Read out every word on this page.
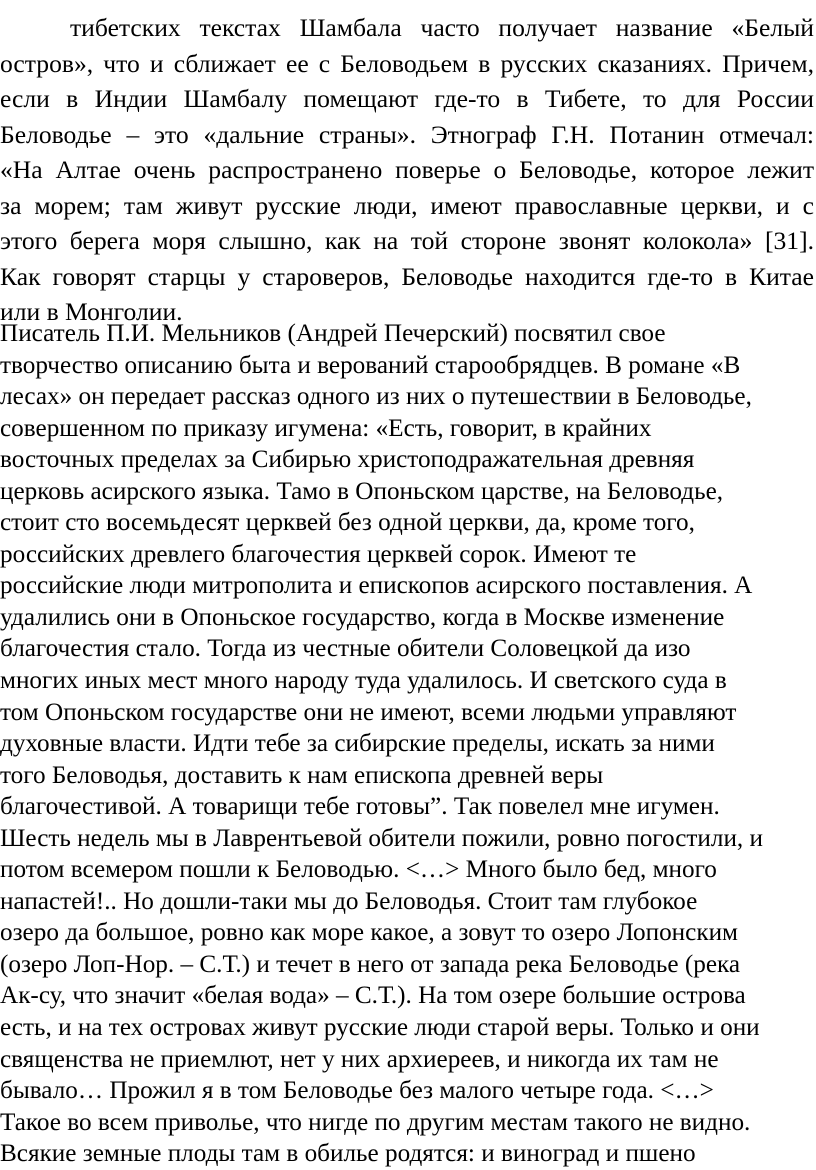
тибетских текстах Шамбала часто получает название «Белый
остров», что и сближает ее с Беловодьем в русских сказаниях. Причем,
если в Индии Шамбалу помещают где-то в Тибете, то для России
Беловодье – это «дальние страны». Этнограф Г.Н. Потанин отмечал:
«На Алтае очень распространено поверье о Беловодье, которое лежит
за морем; там живут русские люди, имеют православные церкви, и с
этого берега моря слышно, как на той стороне звонят колокола» [31].
Как говорят старцы у староверов, Беловодье находится где-то в Китае
или в Монголии.
Писатель П.И. Мельников (Андрей Печерский) посвятил свое
творчество описанию быта и верований старообрядцев. В романе «В
лесах» он передает рассказ одного из них о путешествии в Беловодье,
совершенном по приказу игумена: «Есть, говорит, в крайних
восточных пределах за Сибирью христоподражательная древняя
церковь асирского языка. Тамо в Опоньском царстве, на Беловодье,
стоит сто восемьдесят церквей без одной церкви, да, кроме того,
российских древлего благочестия церквей сорок. Имеют те
российские люди митрополита и епископов асирского поставления. А
удалились они в Опоньское государство, когда в Москве изменение
благочестия стало. Тогда из честные обители Соловецкой да изо
многих иных мест много народу туда удалилось. И светского суда в
том Опоньском государстве они не имеют, всеми людьми управляют
духовные власти. Идти тебе за сибирские пределы, искать за ними
того Беловодья, доставить к нам епископа древней веры
благочестивой. А товарищи тебе готовы”. Так повелел мне игумен.
Шесть недель мы в Лаврентьевой обители пожили, ровно погостили, и
потом всемером пошли к Беловодью. <…> Много было бед, много
напастей!.. Но дошли-таки мы до Беловодья. Стоит там глубокое
озеро да большое, ровно как море какое, а зовут то озеро Лопонским
(озеро Лоп-Нор. – С.Т.) и течет в него от запада река Беловодье (река
Ак-су, что значит «белая вода» – С.Т.). На том озере большие острова
есть, и на тех островах живут русские люди старой веры. Только и они
священства не приемлют, нет у них архиереев, и никогда их там не
бывало… Прожил я в том Беловодье без малого четыре года. <…>
Такое во всем приволье, что нигде по другим местам такого не видно.
Всякие земные плоды там в обилье родятся: и виноград и пшено
